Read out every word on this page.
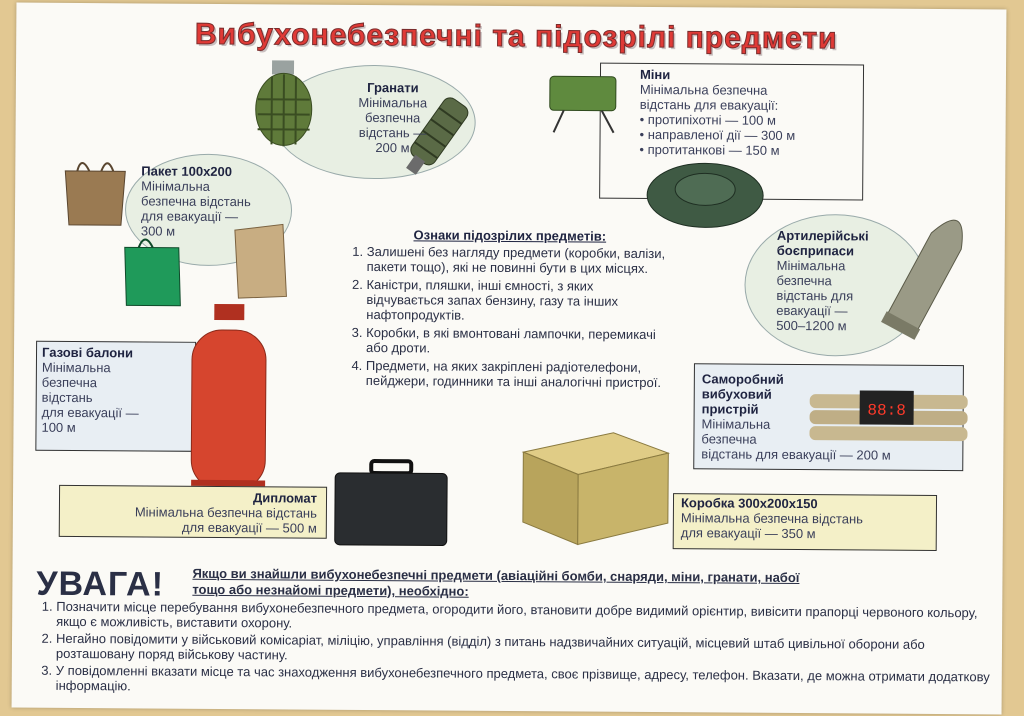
Вибухонебезпечні та підозрілі предмети
Гранати
Мінімальна
безпечна
відстань —
200 м
Міни
Мінімальна безпечна
відстань для евакуації:
• протипіхотні — 100 м
• направленої дії — 300 м
• протитанкові — 150 м
Пакет 100х200
Мінімальна
безпечна відстань
для евакуації —
300 м	Ознаки підозрілих предметів:
1. Залишені без нагляду предмети (коробки, валізи, пакети тощо), які не повинні бути в цих місцях.
2. Каністри, пляшки, інші ємності, з яких відчувається запах бензину, газу та інших нафтопродуктів.
3. Коробки, в які вмонтовані лампочки, перемикачі або дроти.
4. Предмети, на яких закріплені радіотелефони, пейджери, годинники та інші аналогічні пристрої.
Артилерійські
боєприпаси
Мінімальна
безпечна
відстань для
евакуації —
500–1200 м
Газові балони
Мінімальна
безпечна
відстань
для евакуації —
100 м
88:8
Саморобний
вибуховий
пристрій
Мінімальна
безпечна
відстань для евакуації — 200 м
Дипломат
Мінімальна безпечна відстань
для евакуації — 500 м
Коробка 300х200х150
Мінімальна безпечна відстань
для евакуації — 350 м
УВАГА! Якщо ви знайшли вибухонебезпечні предмети (авіаційні бомби, снаряди, міни, гранати, набої тощо або незнайомі предмети), необхідно:
1. Позначити місце перебування вибухонебезпечного предмета, огородити його, втановити добре видимий орієнтир, вивісити прапорці червоного кольору, якщо є можливість, виставити охорону.
2. Негайно повідомити у військовий комісаріат, міліцію, управління (відділ) з питань надзвичайних ситуацій, місцевий штаб цивільної оборони або розташовану поряд військову частину.
3. У повідомленні вказати місце та час знаходження вибухонебезпечного предмета, своє прізвище, адресу, телефон. Вказати, де можна отримати додаткову інформацію.
